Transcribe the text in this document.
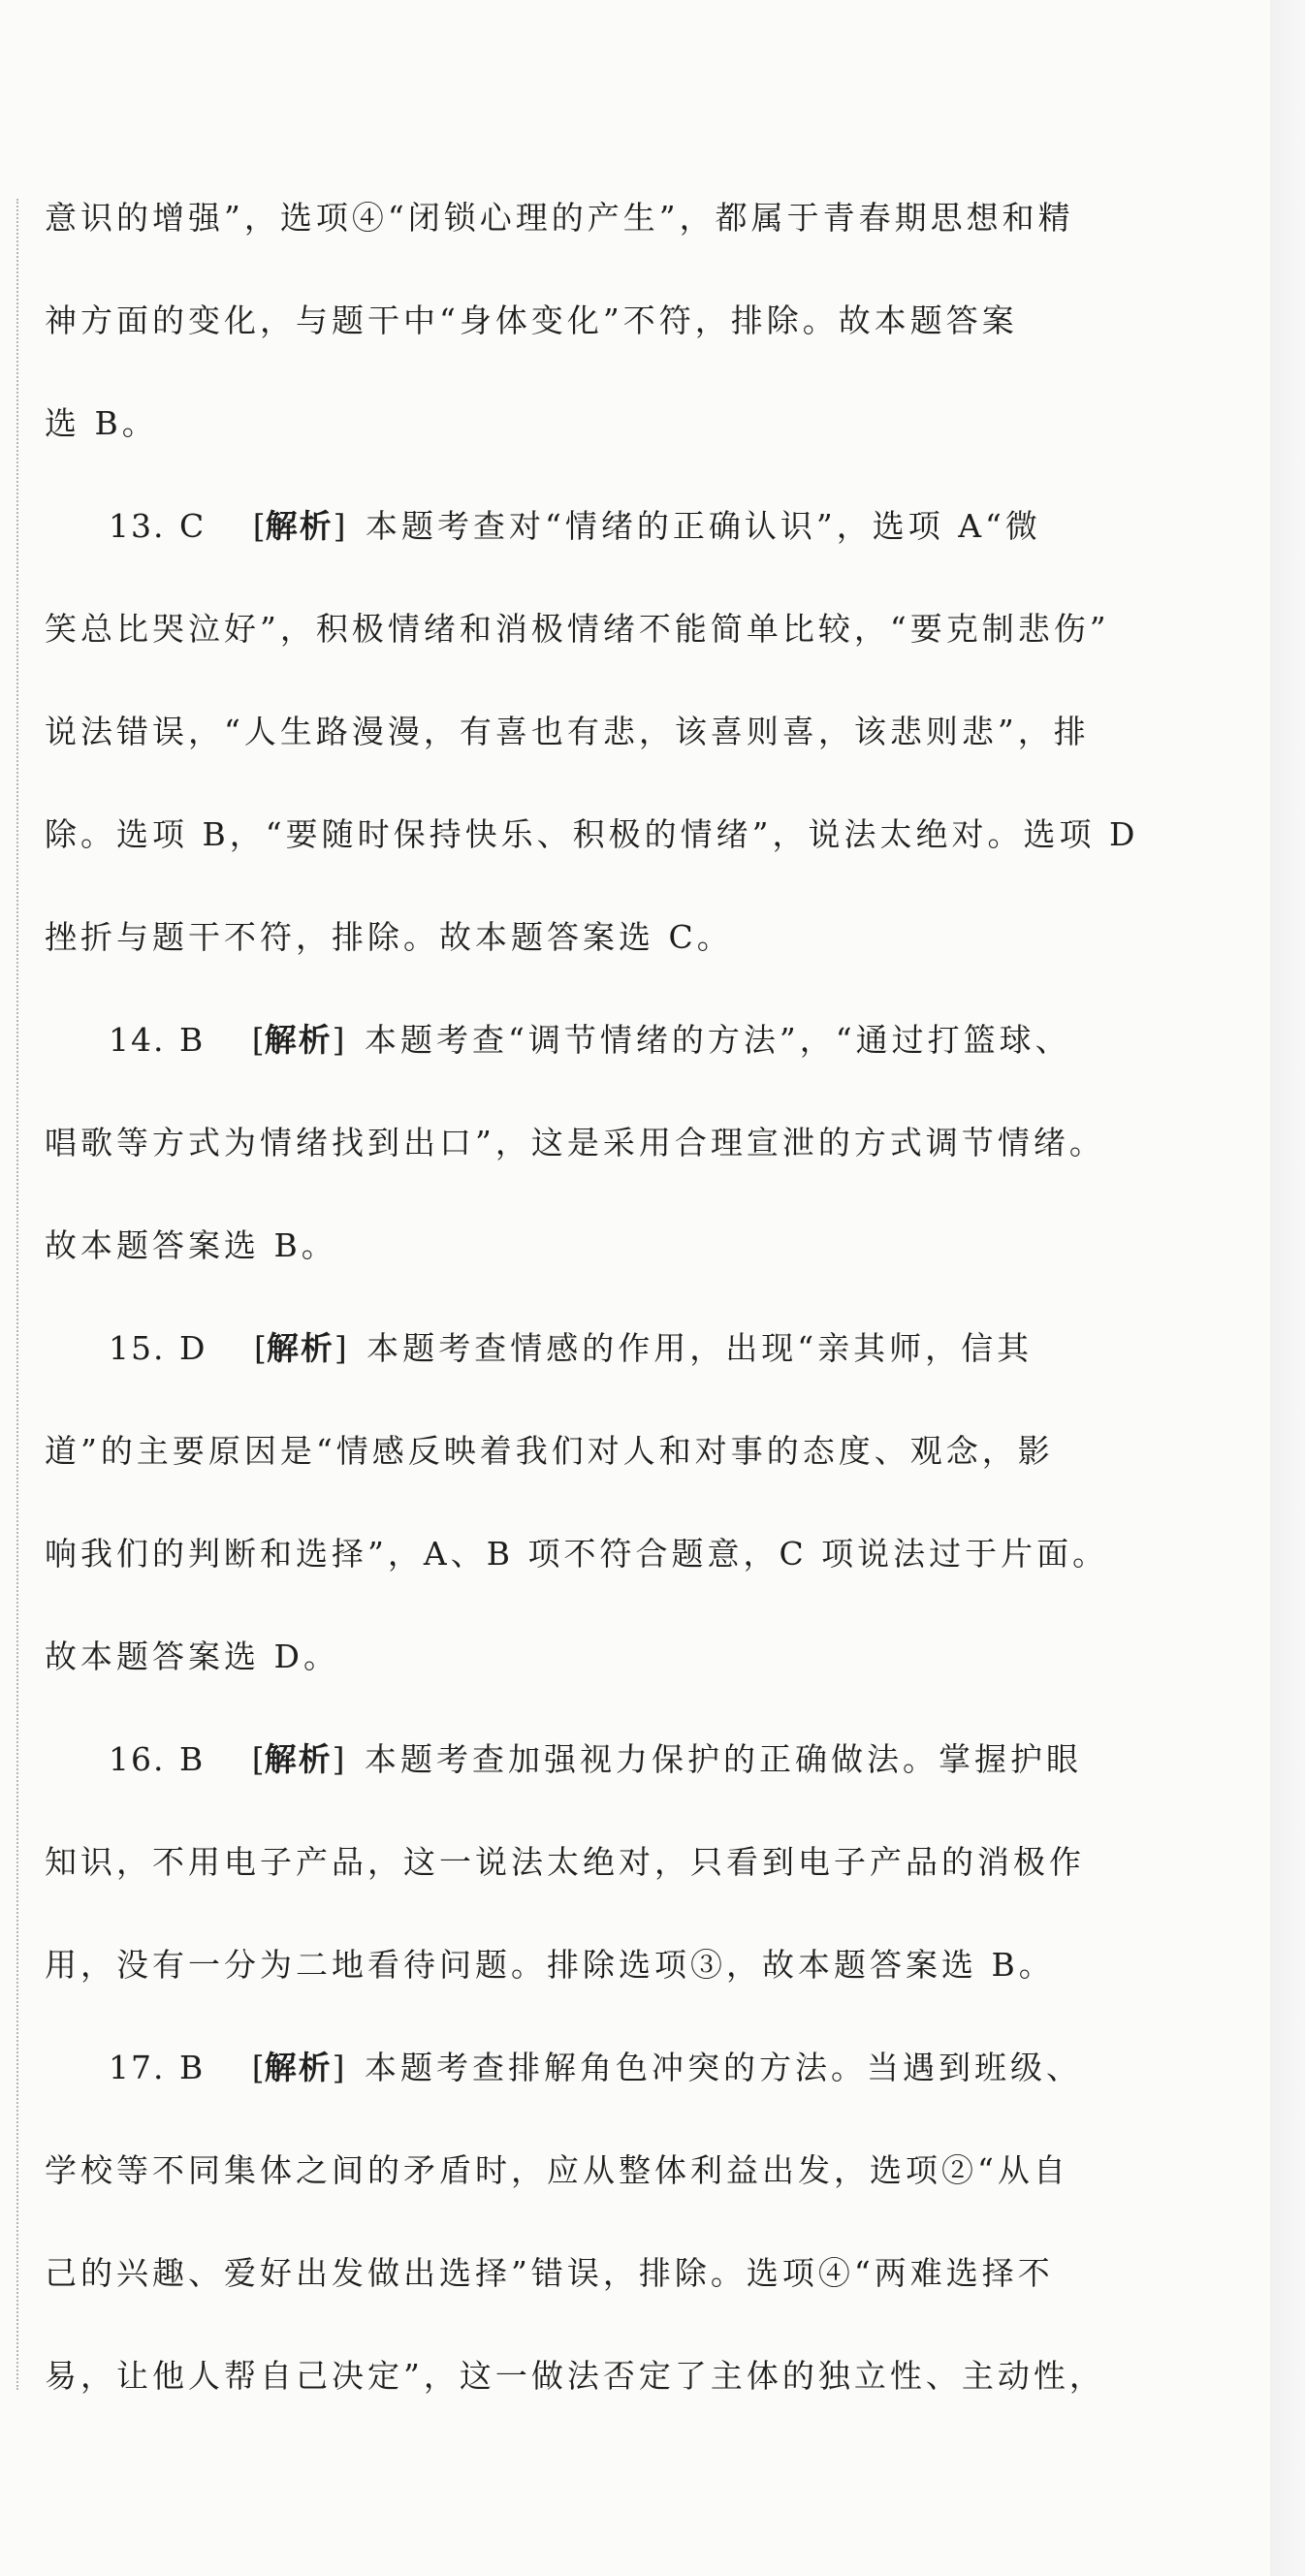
意识的增强”，选项④“闭锁心理的产生”，都属于青春期思想和精
神方面的变化，与题干中“身体变化”不符，排除。故本题答案
选 B。
13. C [解析] 本题考查对“情绪的正确认识”，选项 A“微
笑总比哭泣好”，积极情绪和消极情绪不能简单比较，“要克制悲伤”
说法错误，“人生路漫漫，有喜也有悲，该喜则喜，该悲则悲”，排
除。选项 B，“要随时保持快乐、积极的情绪”，说法太绝对。选项 D
挫折与题干不符，排除。故本题答案选 C。
14. B [解析] 本题考查“调节情绪的方法”，“通过打篮球、
唱歌等方式为情绪找到出口”，这是采用合理宣泄的方式调节情绪。
故本题答案选 B。
15. D [解析] 本题考查情感的作用，出现“亲其师，信其
道”的主要原因是“情感反映着我们对人和对事的态度、观念，影
响我们的判断和选择”，A、B 项不符合题意，C 项说法过于片面。
故本题答案选 D。
16. B [解析] 本题考查加强视力保护的正确做法。掌握护眼
知识，不用电子产品，这一说法太绝对，只看到电子产品的消极作
用，没有一分为二地看待问题。排除选项③，故本题答案选 B。
17. B [解析] 本题考查排解角色冲突的方法。当遇到班级、
学校等不同集体之间的矛盾时，应从整体利益出发，选项②“从自
己的兴趣、爱好出发做出选择”错误，排除。选项④“两难选择不
易，让他人帮自己决定”，这一做法否定了主体的独立性、主动性，
